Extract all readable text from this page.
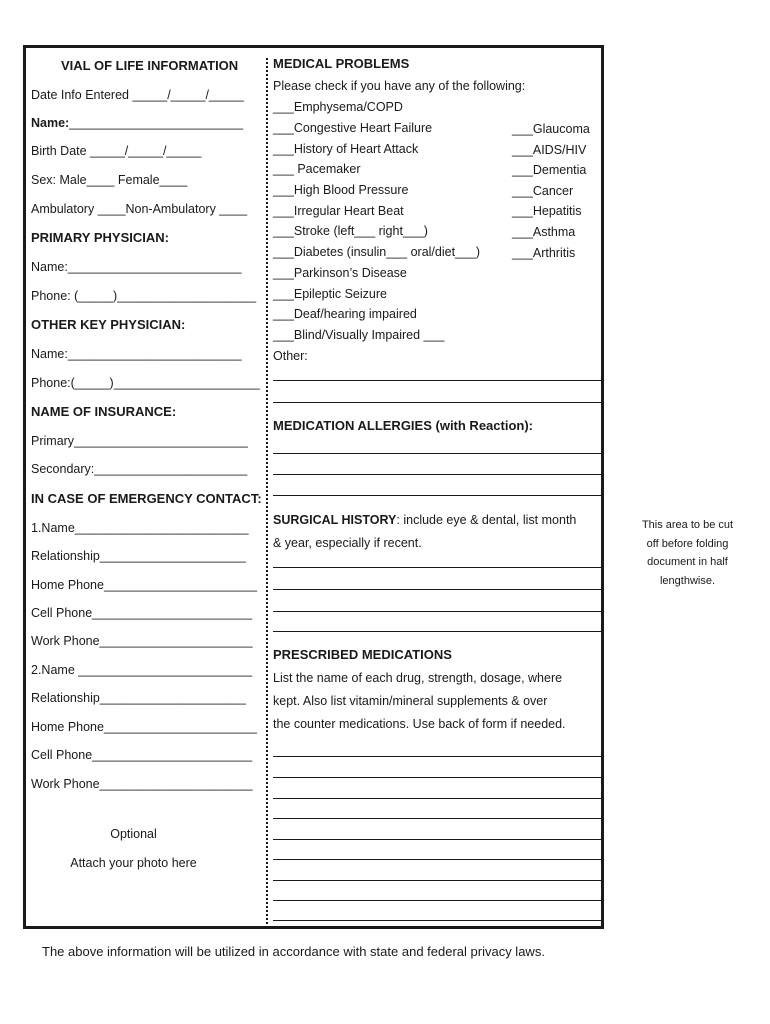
VIAL OF LIFE INFORMATION
Date Info Entered _____/_____/_____
Name:_________________________
Birth Date _____/_____/_____
Sex: Male____ Female____
Ambulatory ____Non-Ambulatory ____
PRIMARY PHYSICIAN:
Name:_________________________
Phone: (_____)____________________
OTHER KEY PHYSICIAN:
Name:_________________________
Phone:(_____)_____________________
NAME OF INSURANCE:
Primary_________________________
Secondary:______________________
IN CASE OF EMERGENCY CONTACT:
1.Name_________________________
Relationship_____________________
Home Phone______________________
Cell Phone_______________________
Work Phone______________________
2.Name _________________________
Relationship_____________________
Home Phone______________________
Cell Phone_______________________
Work Phone______________________
Optional
Attach your photo here
MEDICAL PROBLEMS
Please check if you have any of the following:
___Emphysema/COPD
___Congestive Heart Failure
___History of Heart Attack
___ Pacemaker
___High Blood Pressure
___Irregular Heart Beat
___Stroke (left___ right___)
___Diabetes (insulin___ oral/diet___)
___Parkinson’s Disease
___Epileptic Seizure
___Deaf/hearing impaired
___Blind/Visually Impaired ___
___Glaucoma
___AIDS/HIV
___Dementia
___Cancer
___Hepatitis
___Asthma
___Arthritis
Other:
MEDICATION ALLERGIES (with Reaction):
SURGICAL HISTORY: include eye & dental, list month
& year, especially if recent.
PRESCRIBED MEDICATIONS
List the name of each drug, strength, dosage, where
kept. Also list vitamin/mineral supplements & over
the counter medications. Use back of form if needed.
This area to be cut
off before folding
document in half
lengthwise.
The above information will be utilized in accordance with state and federal privacy laws.
